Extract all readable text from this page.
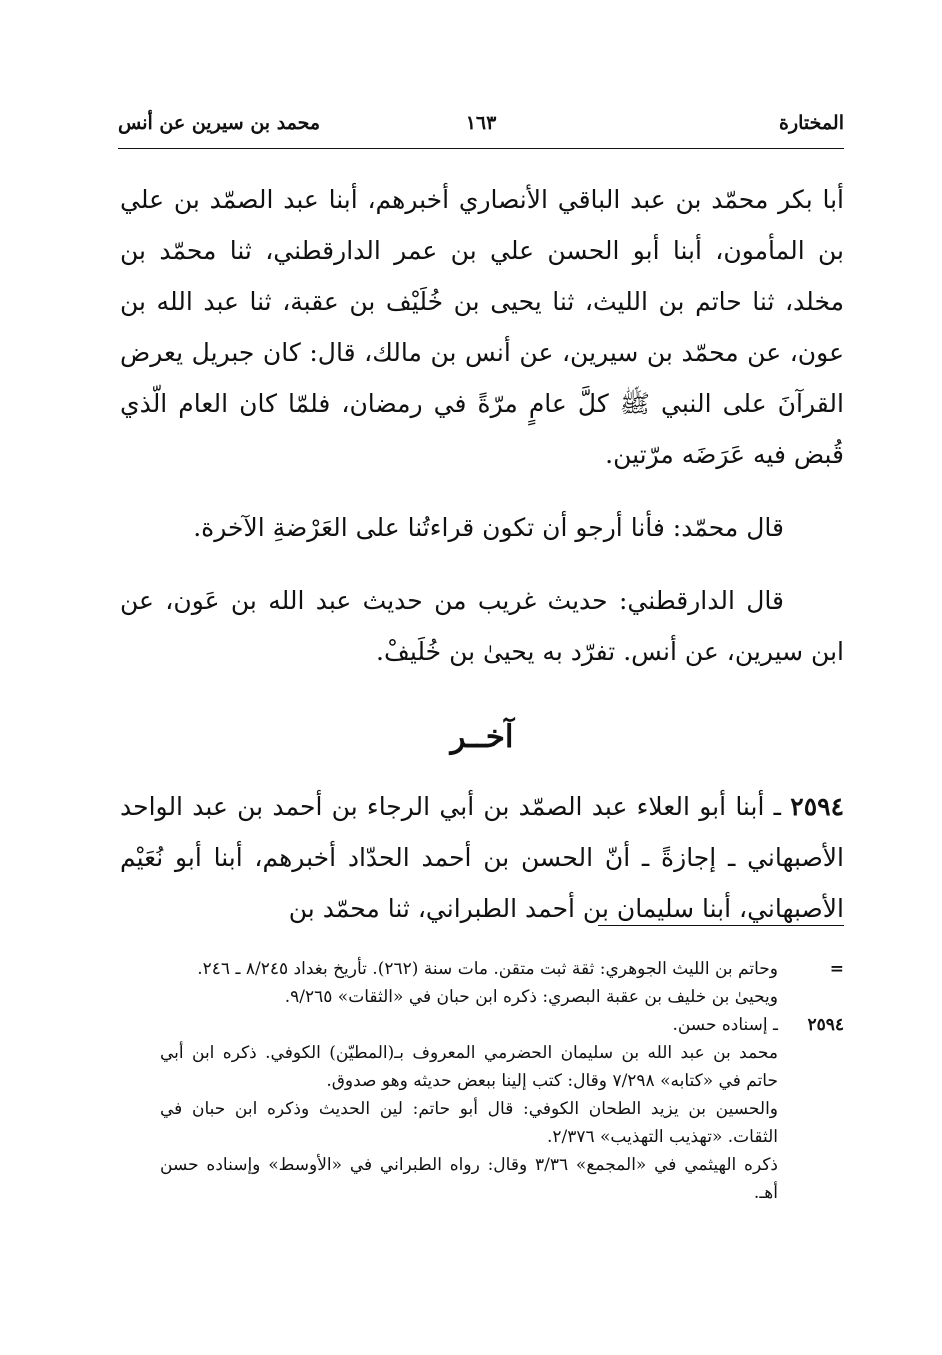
المختارة
١٦٣
محمد بن سيرين عن أنس

أبا بكر محمّد بن عبد الباقي الأنصاري أخبرهم، أبنا عبد الصمّد بن علي بن المأمون، أبنا أبو الحسن علي بن عمر الدارقطني، ثنا محمّد بن مخلد، ثنا حاتم بن الليث، ثنا يحيى بن خُلَيْف بن عقبة، ثنا عبد الله بن عون، عن محمّد بن سيرين، عن أنس بن مالك، قال: كان جبريل يعرض القرآنَ على النبي ﷺ كلَّ عامٍ مرّةً في رمضان، فلمّا كان العام الّذي قُبض فيه عَرَضَه مرّتين.

قال محمّد: فأنا أرجو أن تكون قراءتُنا على العَرْضةِ الآخرة.

قال الدارقطني: حديث غريب من حديث عبد الله بن عَون، عن ابن سيرين، عن أنس. تفرّد به يحيىٰ بن خُلَيفْ.

آخــر

٢٥٩٤ ـ أبنا أبو العلاء عبد الصمّد بن أبي الرجاء بن أحمد بن عبد الواحد الأصبهاني ـ إجازةً ـ أنّ الحسن بن أحمد الحدّاد أخبرهم، أبنا أبو نُعَيْم الأصبهاني، أبنا سليمان بن أحمد الطبراني، ثنا محمّد بن

=
وحاتم بن الليث الجوهري: ثقة ثبت متقن. مات سنة (٢٦٢). تأريخ بغداد ٨/٢٤٥ ـ ٢٤٦.

ويحيىٰ بن خليف بن عقبة البصري: ذكره ابن حبان في «الثقات» ٩/٢٦٥.

٢٥٩٤
ـ إسناده حسن.

محمد بن عبد الله بن سليمان الحضرمي المعروف بـ(المطيّن) الكوفي. ذكره ابن أبي حاتم في «كتابه» ٧/٢٩٨ وقال: كتب إلينا ببعض حديثه وهو صدوق.

والحسين بن يزيد الطحان الكوفي: قال أبو حاتم: لين الحديث وذكره ابن حبان في الثقات. «تهذيب التهذيب» ٢/٣٧٦.

ذكره الهيثمي في «المجمع» ٣/٣٦ وقال: رواه الطبراني في «الأوسط» وإسناده حسن أهـ.
